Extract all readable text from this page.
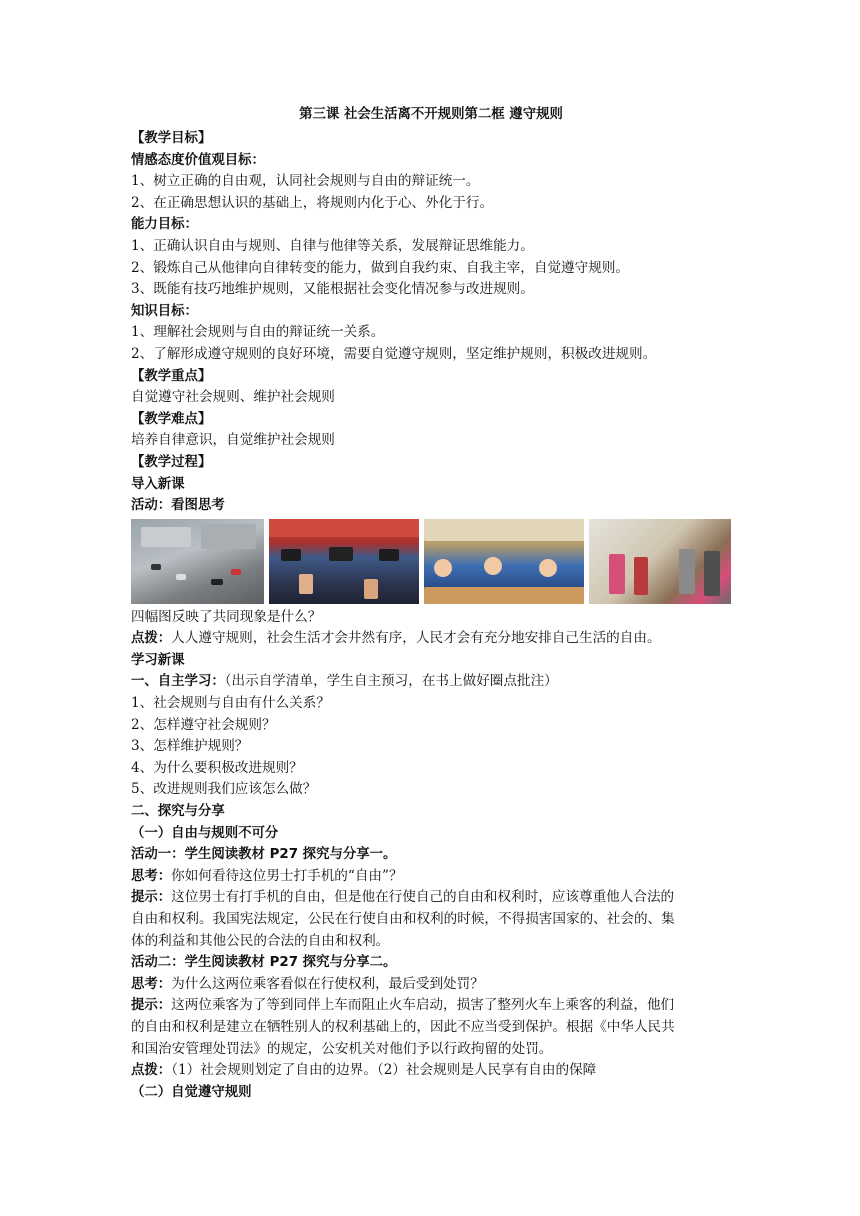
第三课 社会生活离不开规则第二框 遵守规则

【教学目标】

情感态度价值观目标：

1、树立正确的自由观，认同社会规则与自由的辩证统一。

2、在正确思想认识的基础上，将规则内化于心、外化于行。

能力目标：

1、正确认识自由与规则、自律与他律等关系，发展辩证思维能力。

2、锻炼自己从他律向自律转变的能力，做到自我约束、自我主宰，自觉遵守规则。

3、既能有技巧地维护规则，又能根据社会变化情况参与改进规则。

知识目标：

1、理解社会规则与自由的辩证统一关系。

2、了解形成遵守规则的良好环境，需要自觉遵守规则，坚定维护规则，积极改进规则。

【教学重点】

自觉遵守社会规则、维护社会规则

【教学难点】

培养自律意识，自觉维护社会规则

【教学过程】

导入新课

活动：看图思考

四幅图反映了共同现象是什么？

点拨：人人遵守规则，社会生活才会井然有序，人民才会有充分地安排自己生活的自由。

学习新课

一、自主学习：（出示自学清单，学生自主预习，在书上做好圈点批注）

1、社会规则与自由有什么关系？

2、怎样遵守社会规则？

3、怎样维护规则？

4、为什么要积极改进规则？

5、改进规则我们应该怎么做？

二、探究与分享

（一）自由与规则不可分

活动一：学生阅读教材 P27 探究与分享一。

思考：你如何看待这位男士打手机的“自由”？

提示：这位男士有打手机的自由，但是他在行使自己的自由和权利时，应该尊重他人合法的

自由和权利。我国宪法规定，公民在行使自由和权利的时候，不得损害国家的、社会的、集

体的利益和其他公民的合法的自由和权利。

活动二：学生阅读教材 P27 探究与分享二。

思考：为什么这两位乘客看似在行使权利，最后受到处罚？

提示：这两位乘客为了等到同伴上车而阻止火车启动，损害了整列火车上乘客的利益，他们

的自由和权利是建立在牺牲别人的权利基础上的，因此不应当受到保护。根据《中华人民共

和国治安管理处罚法》的规定，公安机关对他们予以行政拘留的处罚。

点拨：（1）社会规则划定了自由的边界。（2）社会规则是人民享有自由的保障

（二）自觉遵守规则
